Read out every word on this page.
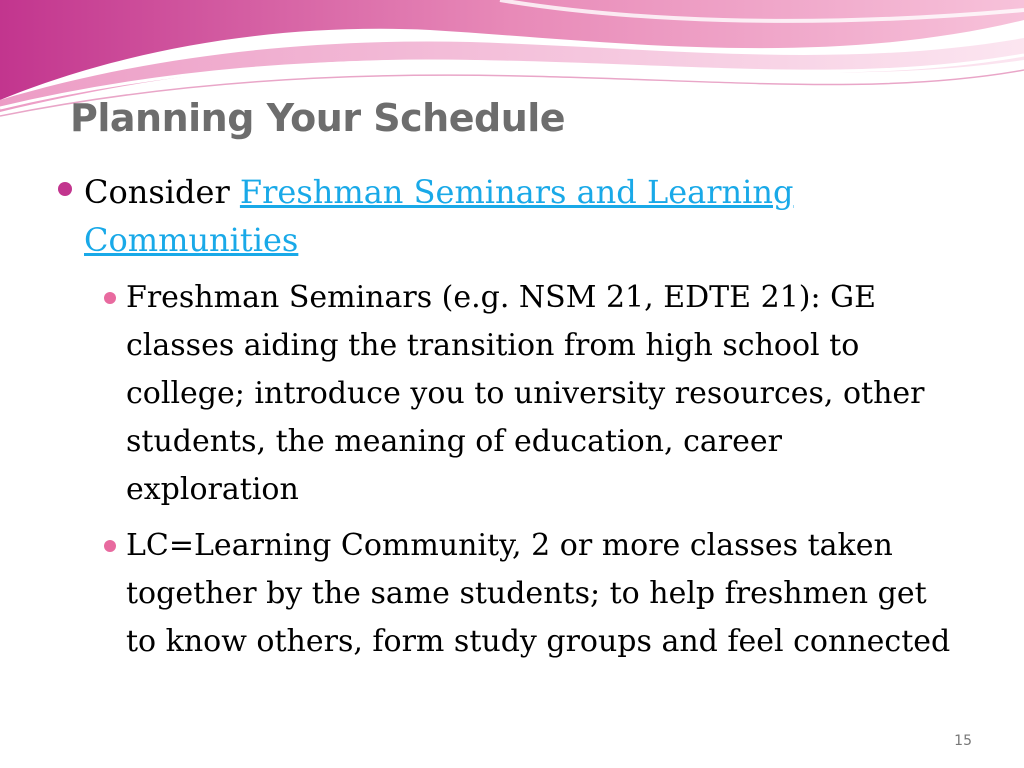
Planning Your Schedule
Consider Freshman Seminars and Learning Communities
Freshman Seminars (e.g. NSM 21, EDTE 21): GE classes aiding the transition from high school to college; introduce you to university resources, other students, the meaning of education, career exploration
LC=Learning Community, 2 or more classes taken together by the same students; to help freshmen get to know others, form study groups and feel connected
15
